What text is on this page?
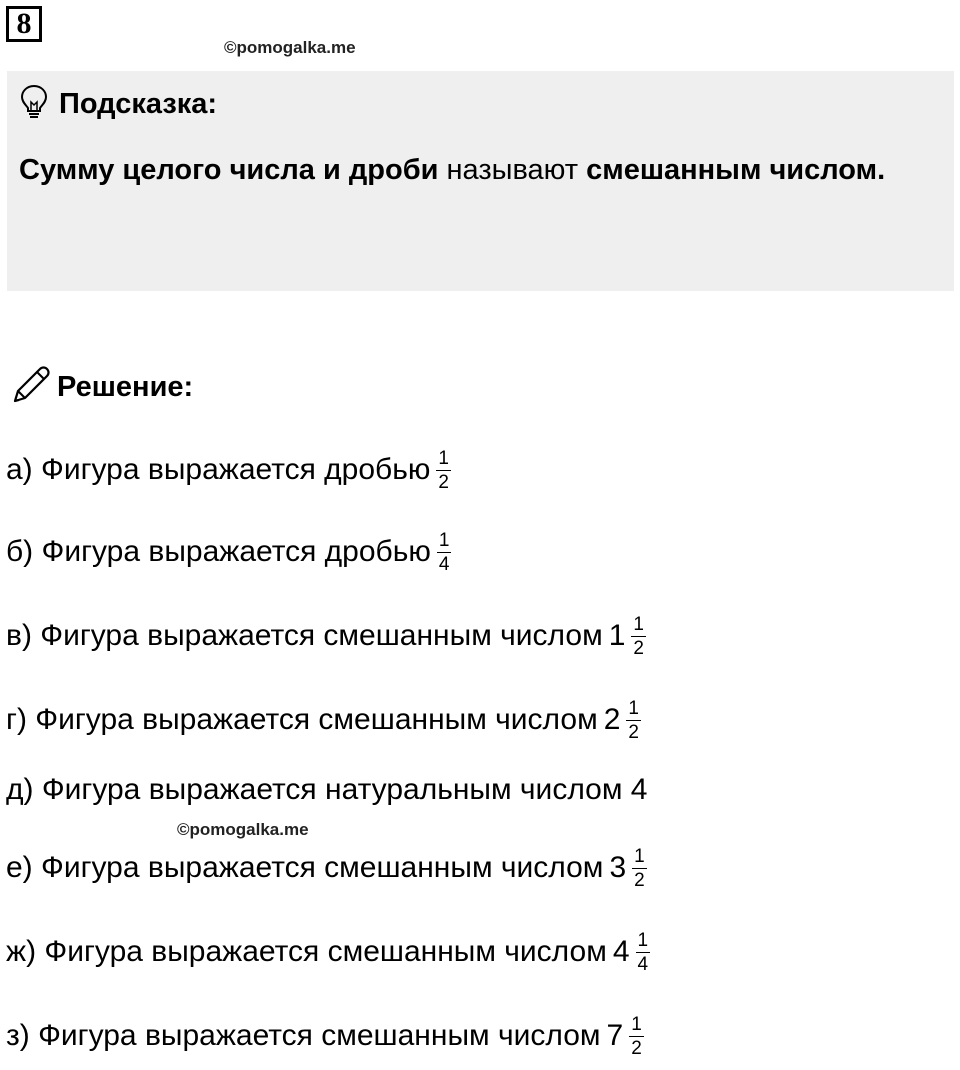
8
©pomogalka.me
Подсказка:
Сумму целого числа и дроби называют смешанным числом.
Решение:
а) Фигура выражается дробью $\frac{1}{2}$
б) Фигура выражается дробью $\frac{1}{4}$
в) Фигура выражается смешанным числом $1 \frac{1}{2}$
г) Фигура выражается смешанным числом $2 \frac{1}{2}$
д) Фигура выражается натуральным числом 4
е) Фигура выражается смешанным числом $3 \frac{1}{2}$
ж) Фигура выражается смешанным числом $4 \frac{1}{4}$
з) Фигура выражается смешанным числом $7 \frac{1}{2}$
©pomogalka.me
